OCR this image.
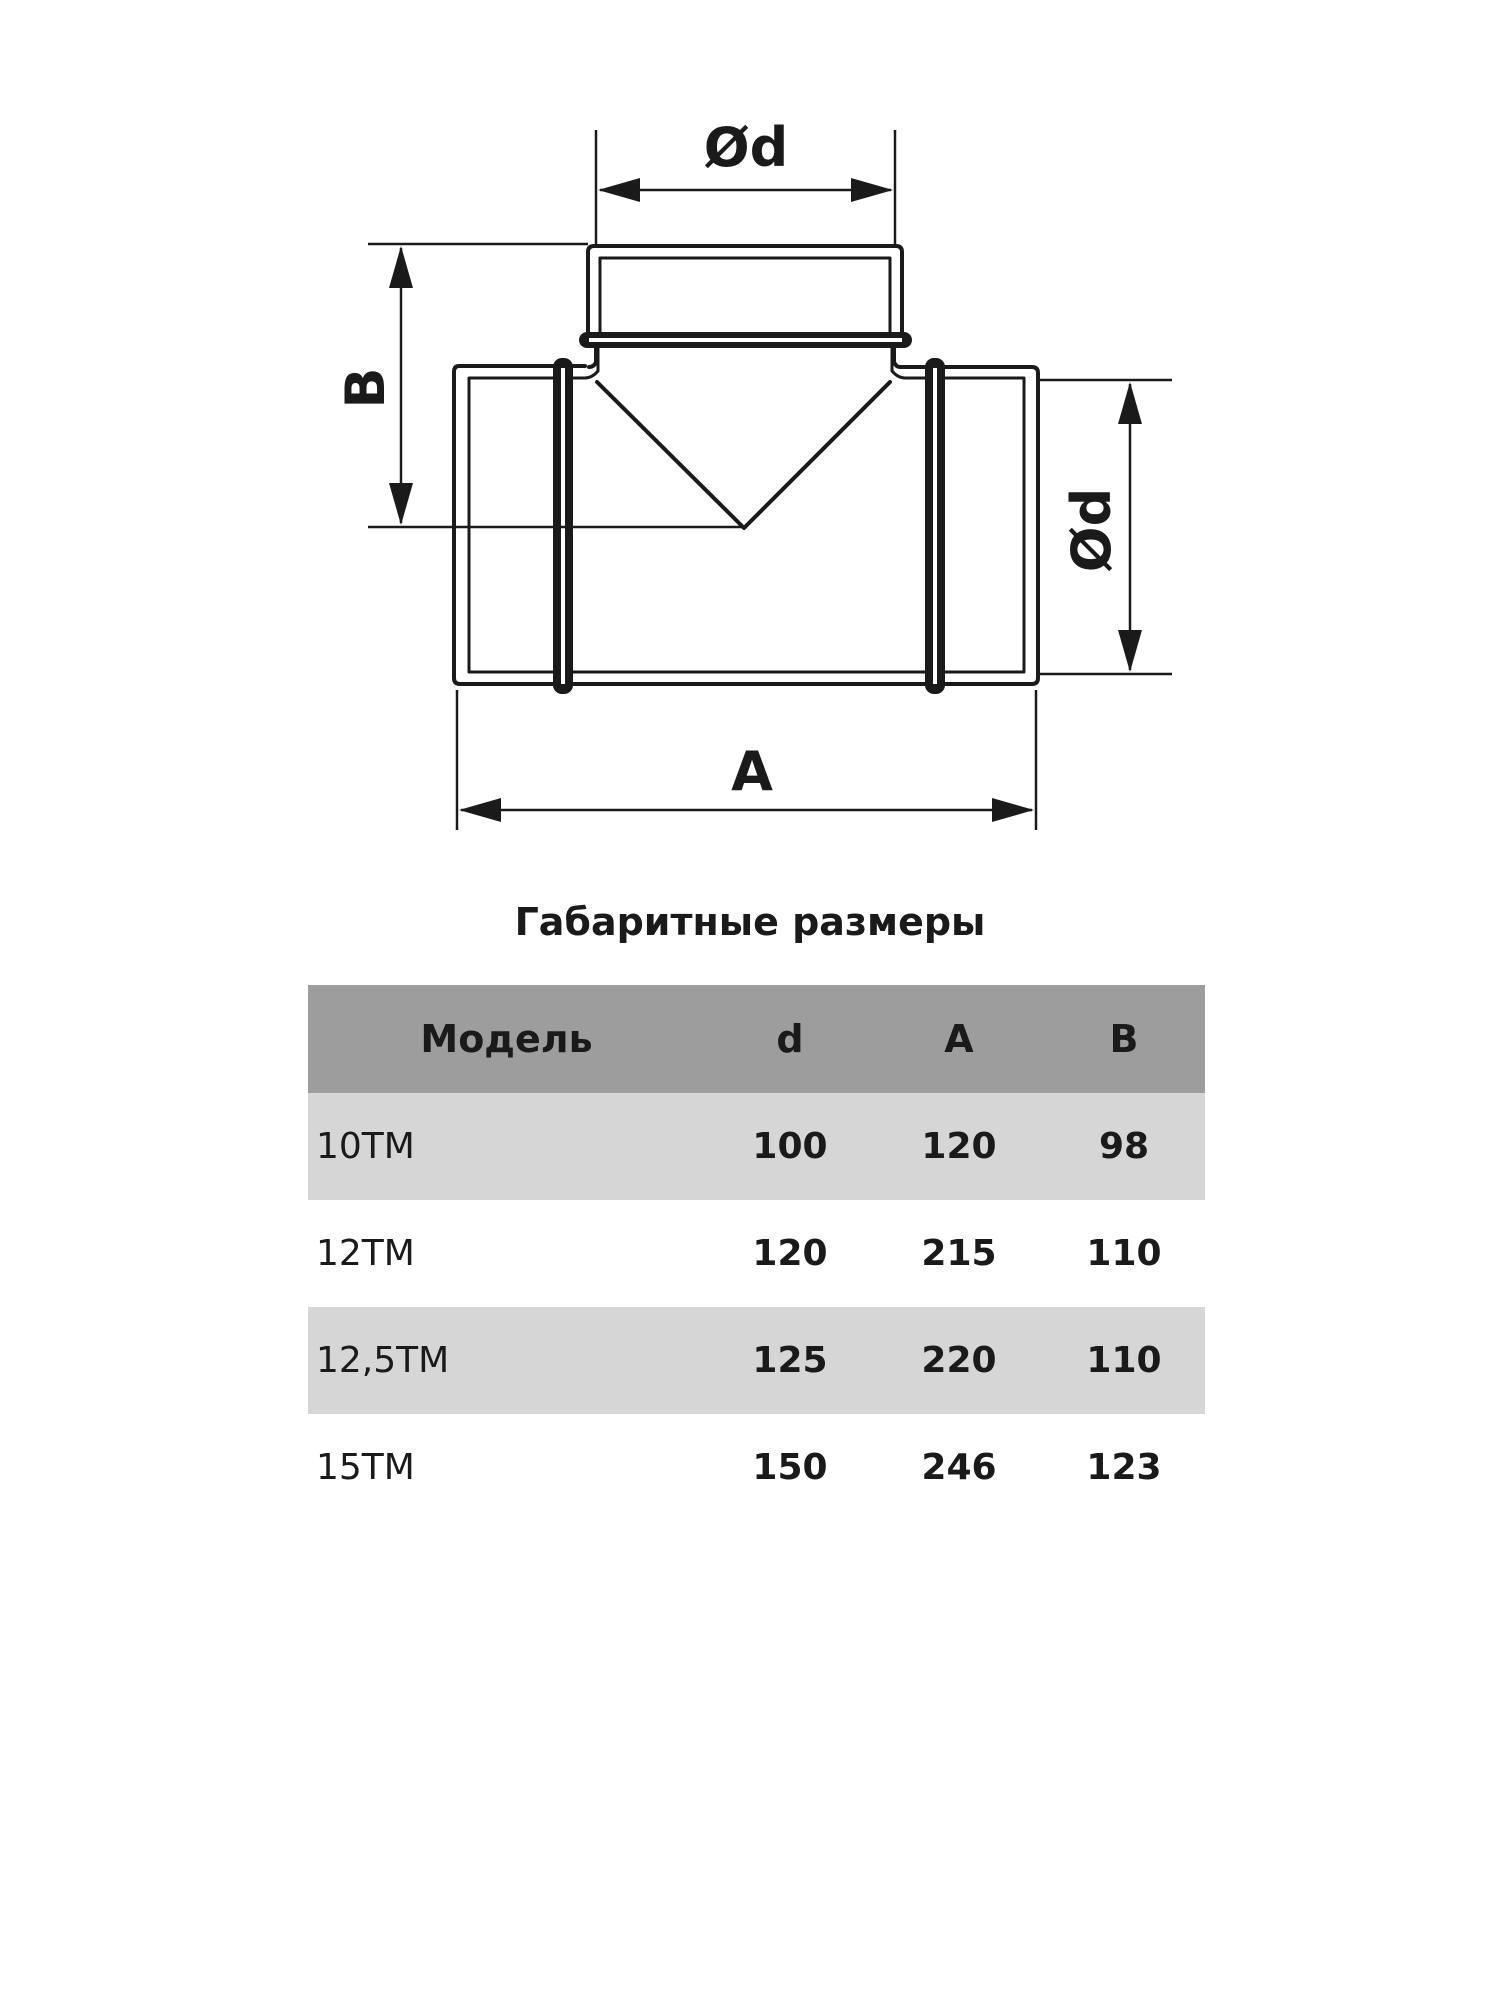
Ød
B
Ød
A
Габаритные размеры
Модель	d	A	B
10ТМ	100	120	98
12ТМ	120	215	110
12,5ТМ	125	220	110
15ТМ	150	246	123
